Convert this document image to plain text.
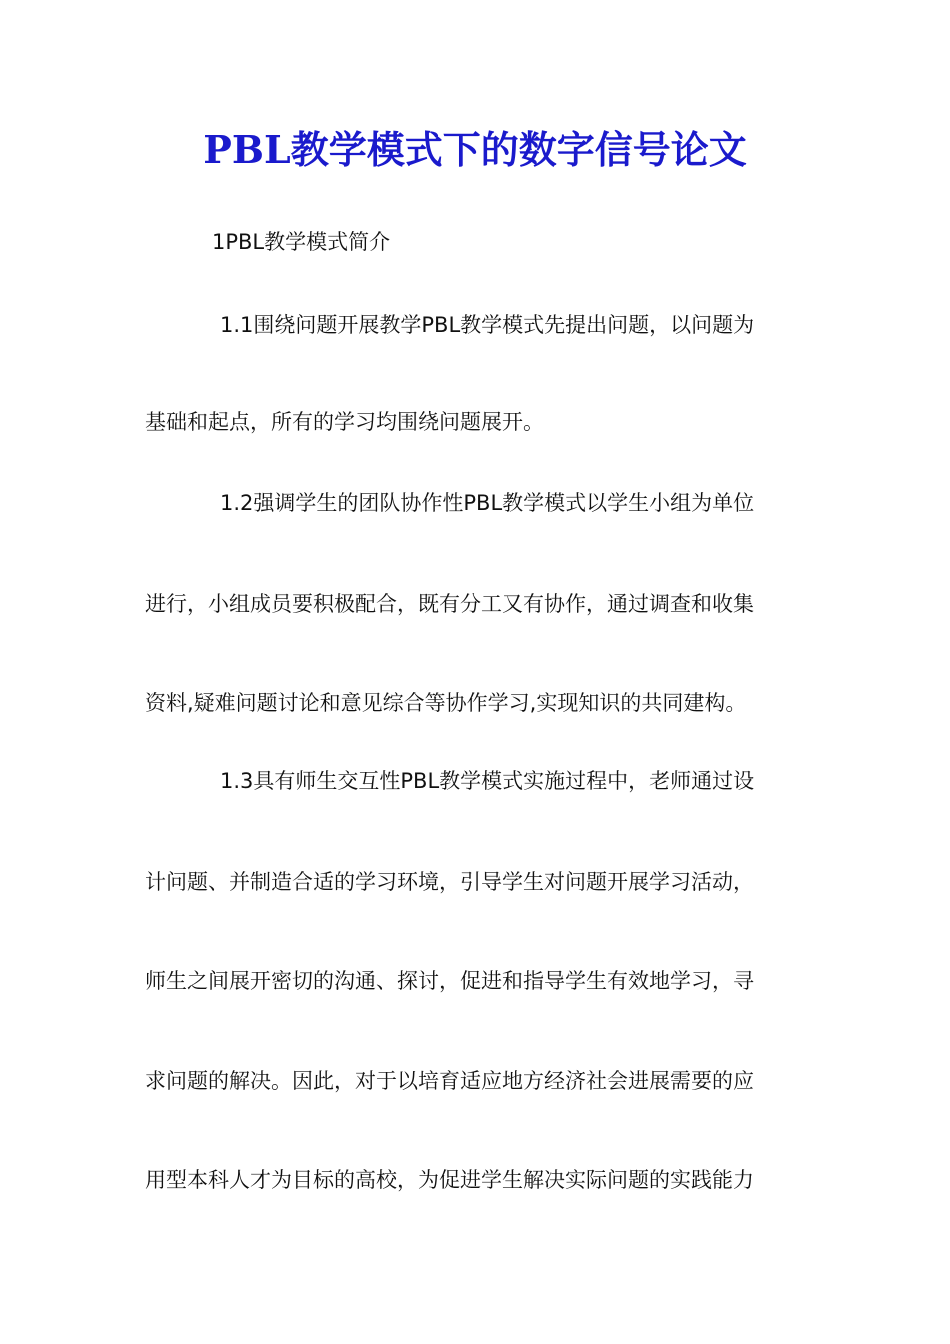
PBL教学模式下的数字信号论文

1PBL教学模式简介

1.1围绕问题开展教学PBL教学模式先提出问题，以问题为

基础和起点，所有的学习均围绕问题展开。

1.2强调学生的团队协作性PBL教学模式以学生小组为单位

进行，小组成员要积极配合，既有分工又有协作，通过调查和收集

资料,疑难问题讨论和意见综合等协作学习,实现知识的共同建构。

1.3具有师生交互性PBL教学模式实施过程中，老师通过设

计问题、并制造合适的学习环境，引导学生对问题开展学习活动，

师生之间展开密切的沟通、探讨，促进和指导学生有效地学习，寻

求问题的解决。因此，对于以培育适应地方经济社会进展需要的应

用型本科人才为目标的高校，为促进学生解决实际问题的实践能力
